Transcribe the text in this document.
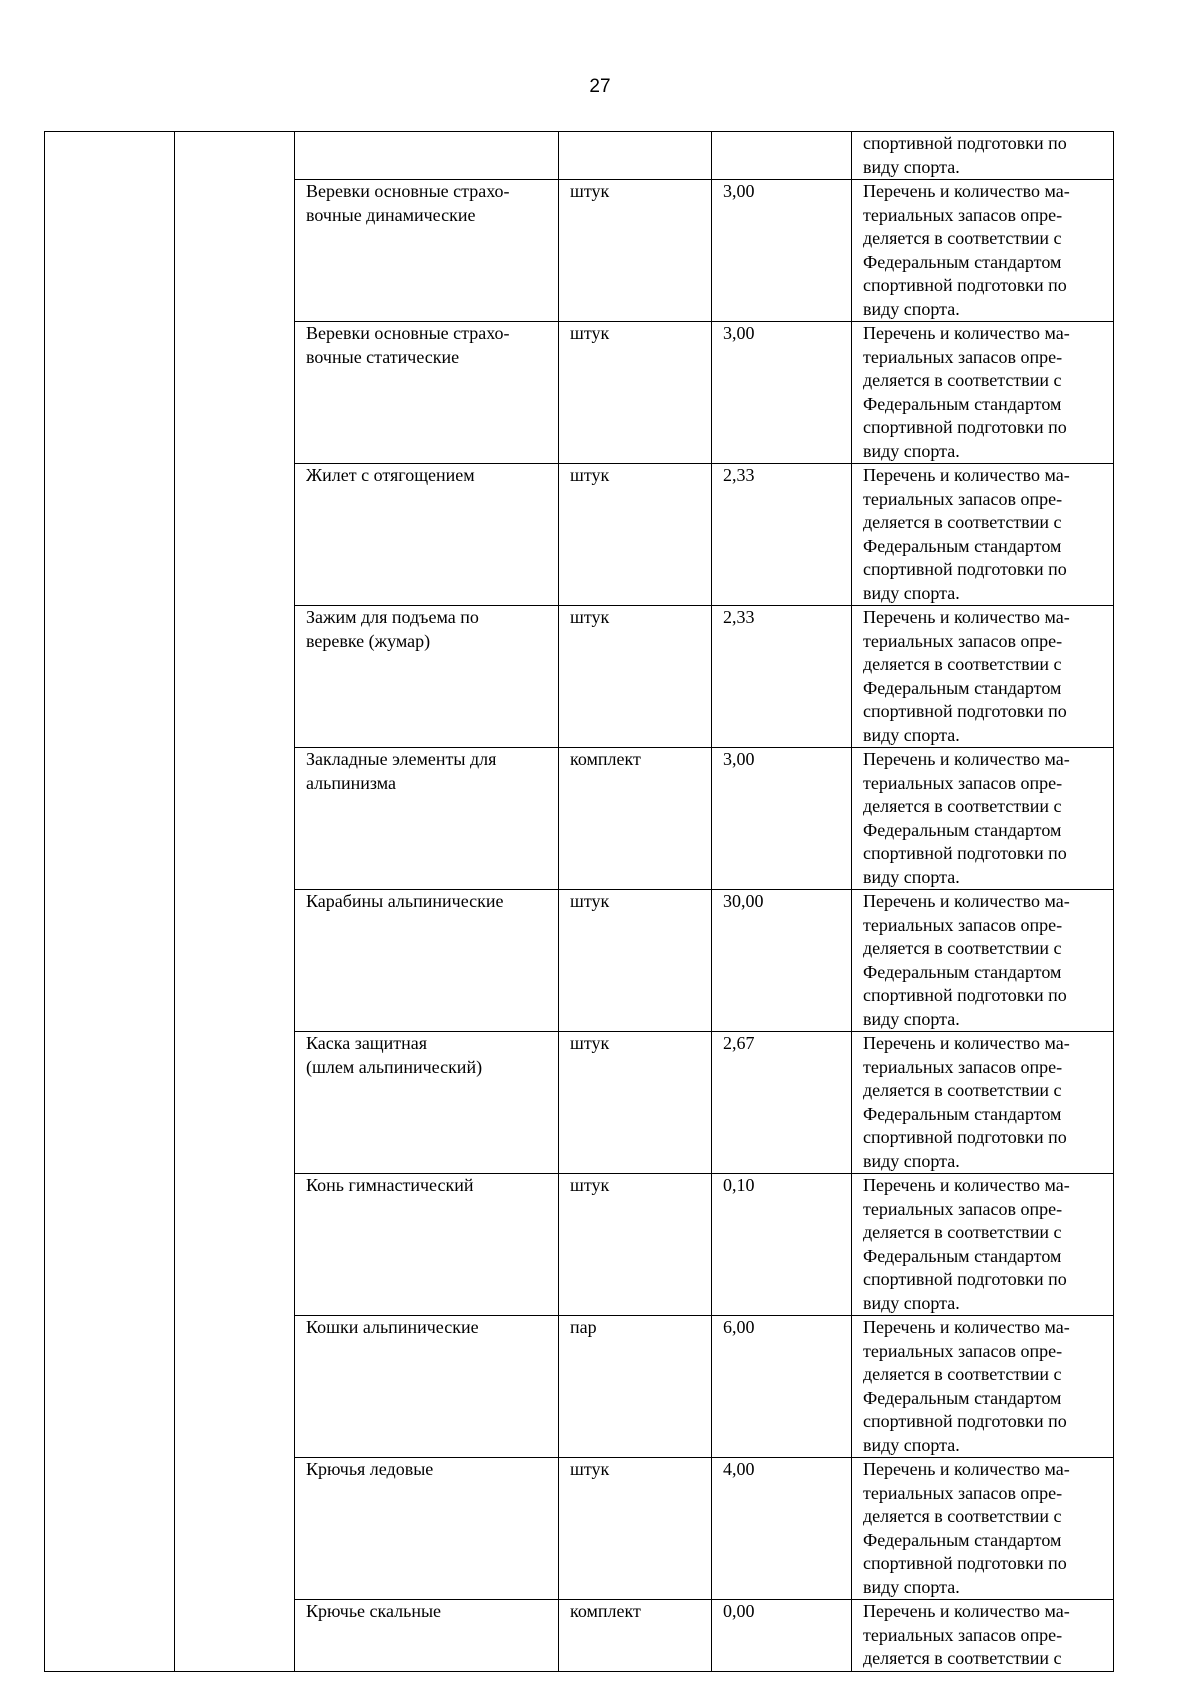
27

					спортивной подготовки по виду спорта.

		Веревки основные страхо-
вочные динамические	штук	3,00	Перечень и количество ма-териальных запасов опре-деляется в соответствии с Федеральным стандартом спортивной подготовки по виду спорта.

		Веревки основные страхо-
вочные статические	штук	3,00	Перечень и количество ма-териальных запасов опре-деляется в соответствии с Федеральным стандартом спортивной подготовки по виду спорта.

		Жилет с отягощением	штук	2,33	Перечень и количество ма-териальных запасов опре-деляется в соответствии с Федеральным стандартом спортивной подготовки по виду спорта.

		Зажим для подъема по
веревке (жумар)	штук	2,33	Перечень и количество ма-териальных запасов опре-деляется в соответствии с Федеральным стандартом спортивной подготовки по виду спорта.

		Закладные элементы для
альпинизма	комплект	3,00	Перечень и количество ма-териальных запасов опре-деляется в соответствии с Федеральным стандартом спортивной подготовки по виду спорта.

		Карабины альпинические	штук	30,00	Перечень и количество ма-териальных запасов опре-деляется в соответствии с Федеральным стандартом спортивной подготовки по виду спорта.

		Каска защитная
(шлем альпинический)	штук	2,67	Перечень и количество ма-териальных запасов опре-деляется в соответствии с Федеральным стандартом спортивной подготовки по виду спорта.

		Конь гимнастический	штук	0,10	Перечень и количество ма-териальных запасов опре-деляется в соответствии с Федеральным стандартом спортивной подготовки по виду спорта.

		Кошки альпинические	пар	6,00	Перечень и количество ма-териальных запасов опре-деляется в соответствии с Федеральным стандартом спортивной подготовки по виду спорта.

		Крючья ледовые	штук	4,00	Перечень и количество ма-териальных запасов опре-деляется в соответствии с Федеральным стандартом спортивной подготовки по виду спорта.

		Крючье скальные	комплект	0,00	Перечень и количество ма-териальных запасов опре-деляется в соответствии с
